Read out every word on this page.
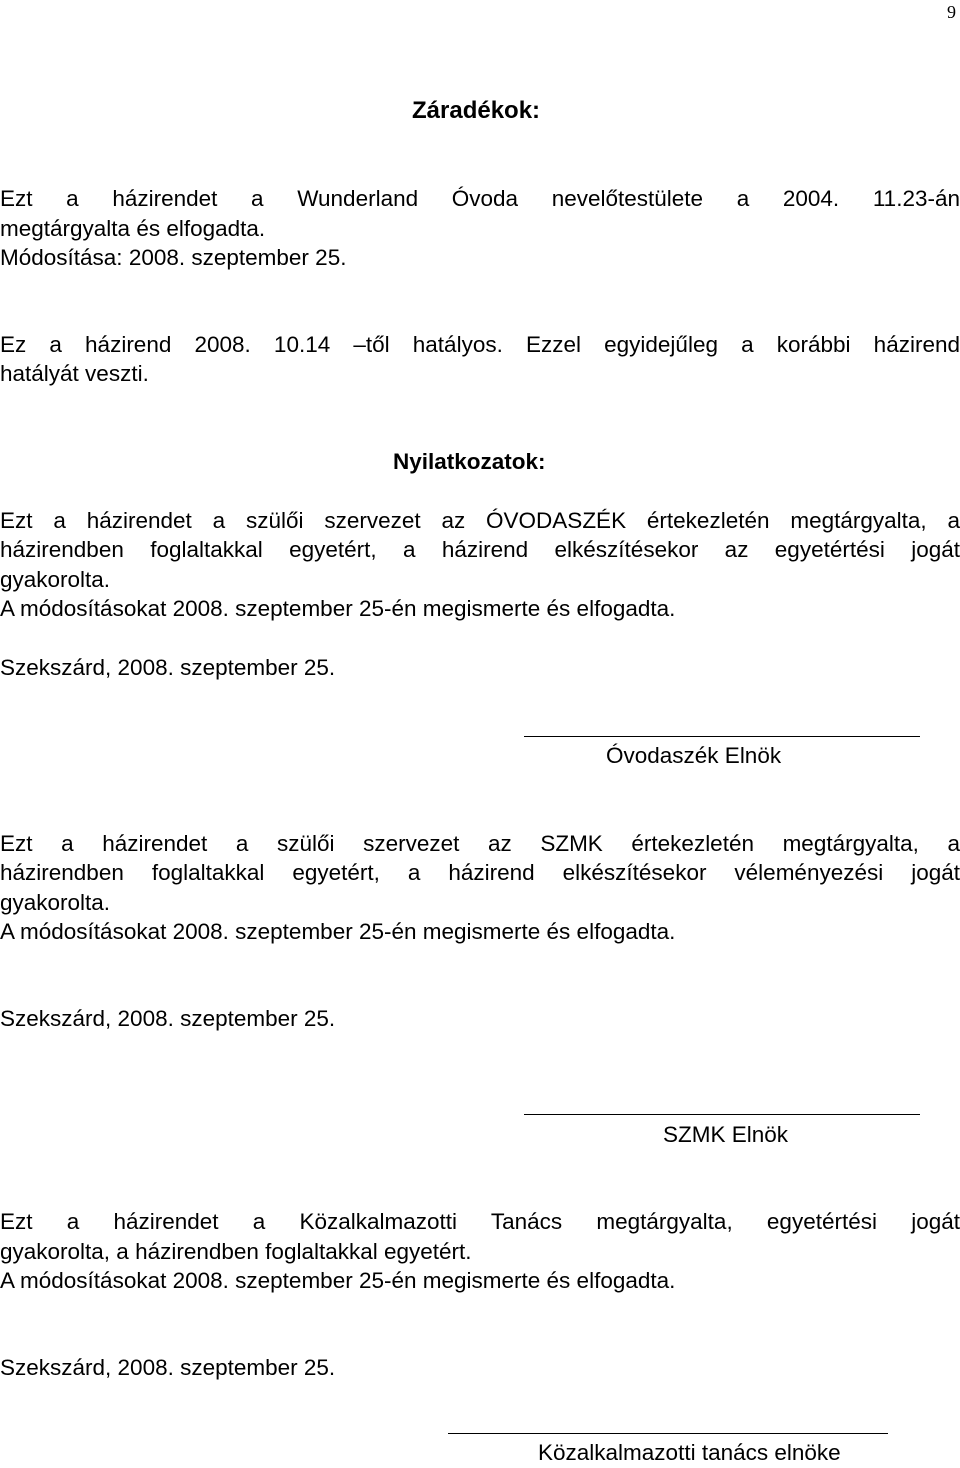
9
Záradékok:
Ezt a házirendet a Wunderland Óvoda nevelőtestülete a 2004. 11.23-án
megtárgyalta és elfogadta.
Módosítása: 2008. szeptember 25.
Ez a házirend 2008. 10.14 –től hatályos. Ezzel egyidejűleg a korábbi házirend
hatályát veszti.
Nyilatkozatok:
Ezt a házirendet a szülői szervezet az ÓVODASZÉK értekezletén megtárgyalta, a
házirendben foglaltakkal egyetért, a házirend elkészítésekor az egyetértési jogát
gyakorolta.
A módosításokat 2008. szeptember 25-én megismerte és elfogadta.
Szekszárd, 2008. szeptember 25.
Óvodaszék Elnök
Ezt a házirendet a szülői szervezet az SZMK értekezletén megtárgyalta, a
házirendben foglaltakkal egyetért, a házirend elkészítésekor véleményezési jogát
gyakorolta.
A módosításokat 2008. szeptember 25-én megismerte és elfogadta.
Szekszárd, 2008. szeptember 25.
SZMK Elnök
Ezt a házirendet a Közalkalmazotti Tanács megtárgyalta, egyetértési jogát
gyakorolta, a házirendben foglaltakkal egyetért.
A módosításokat 2008. szeptember 25-én megismerte és elfogadta.
Szekszárd, 2008. szeptember 25.
Közalkalmazotti tanács elnöke
